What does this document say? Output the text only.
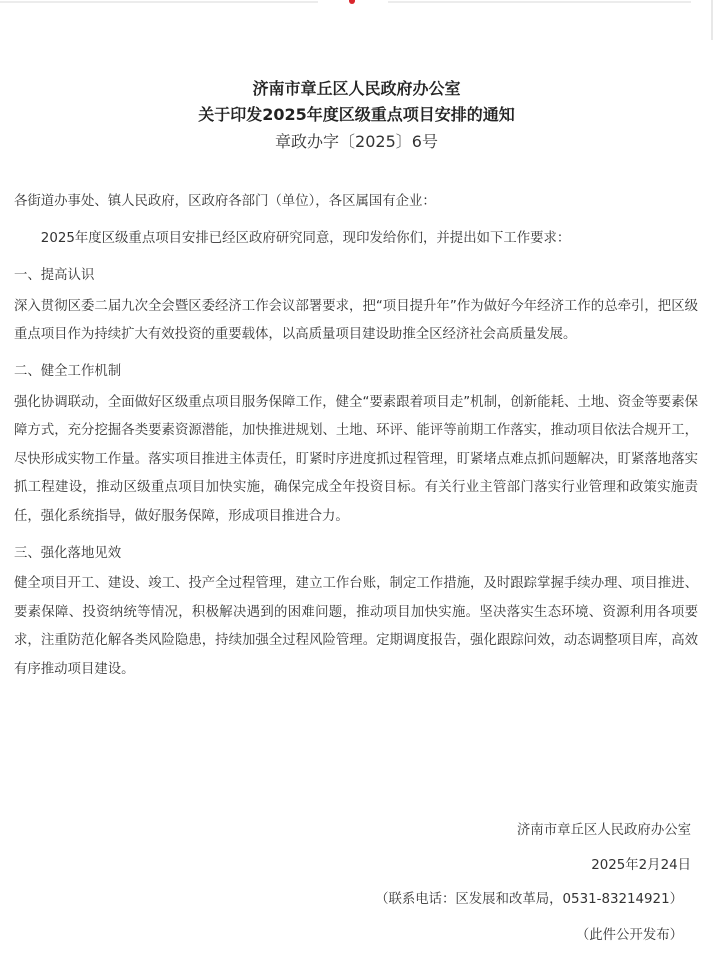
济南市章丘区人民政府办公室
关于印发2025年度区级重点项目安排的通知
章政办字〔2025〕6号

各街道办事处、镇人民政府，区政府各部门（单位），各区属国有企业：

2025年度区级重点项目安排已经区政府研究同意，现印发给你们，并提出如下工作要求：

一、提高认识

深入贯彻区委二届九次全会暨区委经济工作会议部署要求，把“项目提升年”作为做好今年经济工作的总牵引，把区级重点项目作为持续扩大有效投资的重要载体，以高质量项目建设助推全区经济社会高质量发展。

二、健全工作机制

强化协调联动，全面做好区级重点项目服务保障工作，健全“要素跟着项目走”机制，创新能耗、土地、资金等要素保障方式，充分挖掘各类要素资源潜能，加快推进规划、土地、环评、能评等前期工作落实，推动项目依法合规开工，尽快形成实物工作量。落实项目推进主体责任，盯紧时序进度抓过程管理，盯紧堵点难点抓问题解决，盯紧落地落实抓工程建设，推动区级重点项目加快实施，确保完成全年投资目标。有关行业主管部门落实行业管理和政策实施责任，强化系统指导，做好服务保障，形成项目推进合力。

三、强化落地见效

健全项目开工、建设、竣工、投产全过程管理，建立工作台账，制定工作措施，及时跟踪掌握手续办理、项目推进、要素保障、投资纳统等情况，积极解决遇到的困难问题，推动项目加快实施。坚决落实生态环境、资源利用各项要求，注重防范化解各类风险隐患，持续加强全过程风险管理。定期调度报告，强化跟踪问效，动态调整项目库，高效有序推动项目建设。

济南市章丘区人民政府办公室
2025年2月24日
（联系电话：区发展和改革局，0531-83214921）
（此件公开发布）
